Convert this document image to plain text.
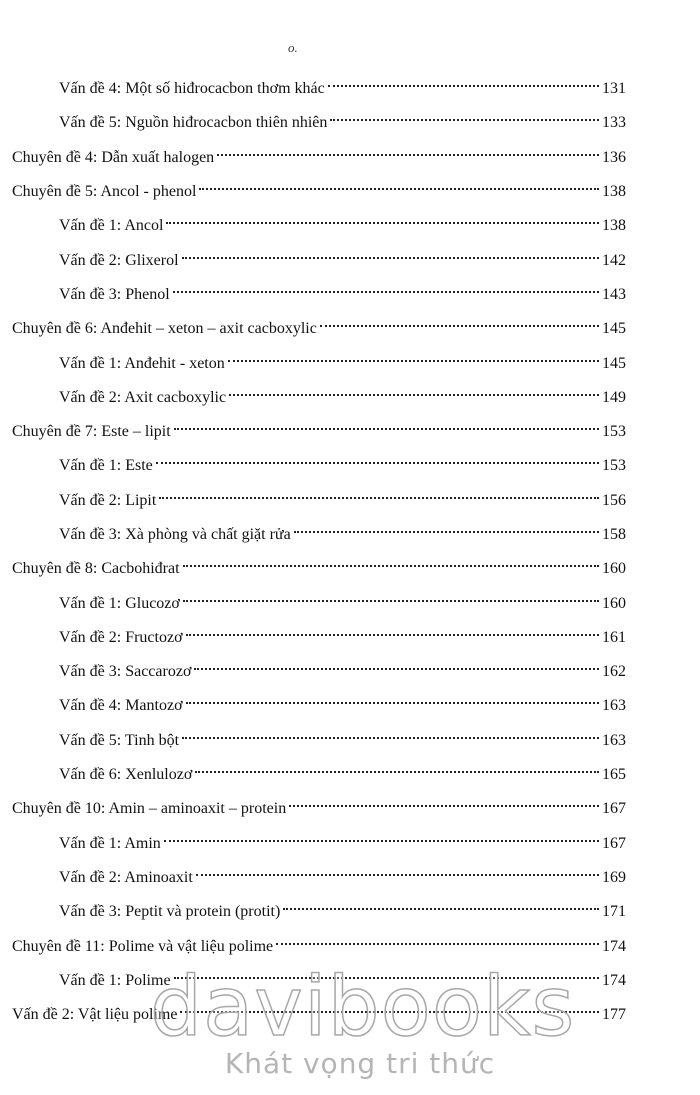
o.
Vấn đề 4: Một số hiđrocacbon thơm khác	131
Vấn đề 5: Nguồn hiđrocacbon thiên nhiên	133
Chuyên đề 4: Dẫn xuất halogen	136
Chuyên đề 5: Ancol - phenol	138
Vấn đề 1: Ancol	138
Vấn đề 2: Glixerol	142
Vấn đề 3: Phenol	143
Chuyên đề 6: Anđehit – xeton – axit cacboxylic	145
Vấn đề 1: Anđehit - xeton	145
Vấn đề 2: Axit cacboxylic	149
Chuyên đề 7: Este – lipit	153
Vấn đề 1: Este	153
Vấn đề 2: Lipit	156
Vấn đề 3: Xà phòng và chất giặt rửa	158
Chuyên đề 8: Cacbohiđrat	160
Vấn đề 1: Glucozơ	160
Vấn đề 2: Fructozơ	161
Vấn đề 3: Saccarozơ	162
Vấn đề 4: Mantozơ	163
Vấn đề 5: Tinh bột	163
Vấn đề 6: Xenlulozơ	165
Chuyên đề 10: Amin – aminoaxit – protein	167
Vấn đề 1: Amin	167
Vấn đề 2: Aminoaxit	169
Vấn đề 3: Peptit và protein (protit)	171
Chuyên đề 11: Polime và vật liệu polime	174
Vấn đề 1: Polime	174
Vấn đề 2: Vật liệu polime	177
davibooks
Khát vọng tri thức
